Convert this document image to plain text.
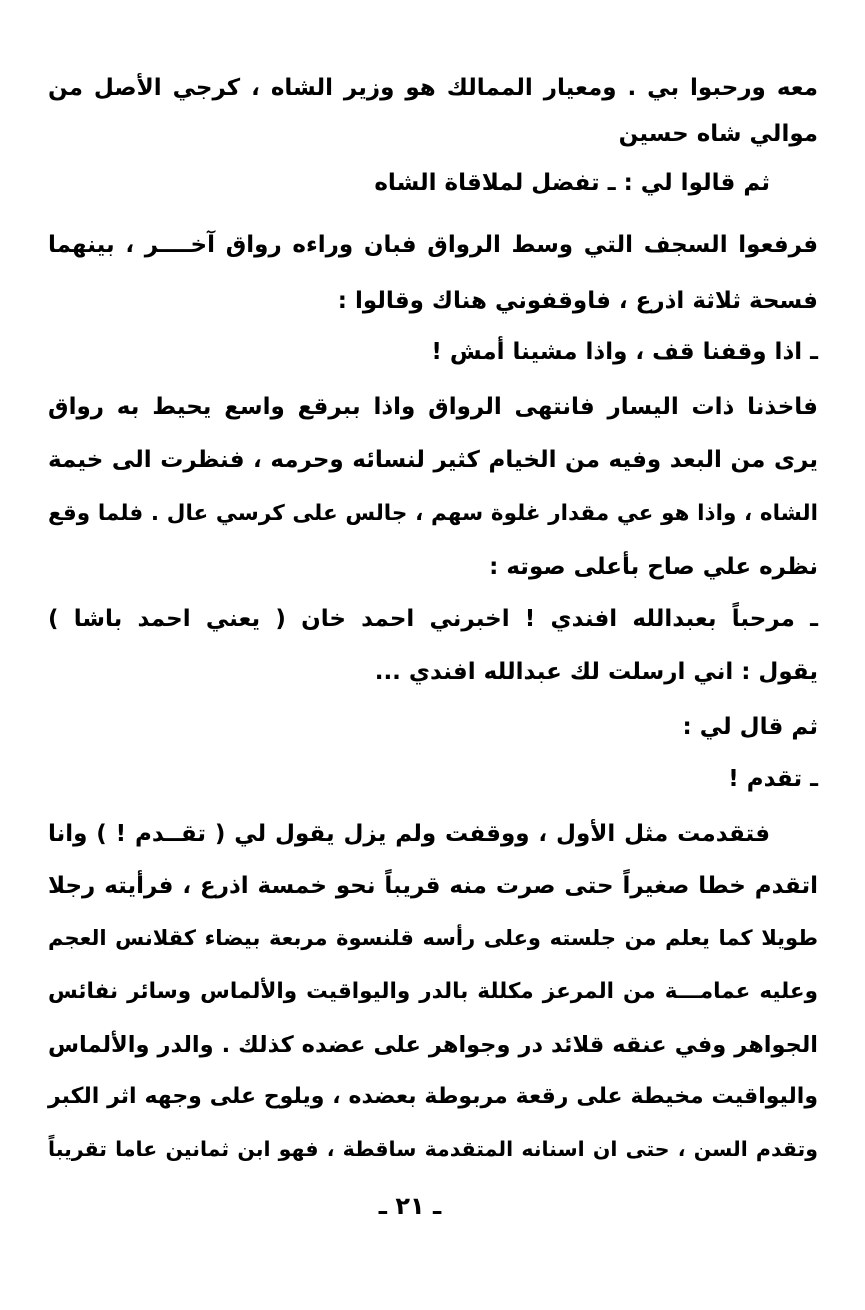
معه ورحبوا بي . ومعيار الممالك هو وزير الشاه ، كرجي الأصل من
موالي شاه حسين
ثم قالوا لي : ـ تفضل لملاقاة الشاه
فرفعوا السجف التي وسط الرواق فبان وراءه رواق آخــــر ، بينهما
فسحة ثلاثة اذرع ، فاوقفوني هناك وقالوا :
ـ اذا وقفنا قف ، واذا مشينا أمش !
فاخذنا ذات اليسار فانتهى الرواق واذا ببرقع واسع يحيط به رواق
يرى من البعد وفيه من الخيام كثير لنسائه وحرمه ، فنظرت الى خيمة
الشاه ، واذا هو عي مقدار غلوة سهم ، جالس على كرسي عال . فلما وقع
نظره علي صاح بأعلى صوته :
ـ مرحباً بعبدالله افندي ! اخبرني احمد خان ( يعني احمد باشا )
يقول : اني ارسلت لك عبدالله افندي ...
ثم قال لي :
ـ تقدم !
فتقدمت مثل الأول ، ووقفت ولم يزل يقول لي ( تقــدم ! ) وانا
اتقدم خطا صغيراً حتى صرت منه قريباً نحو خمسة اذرع ، فرأيته رجلا
طويلا كما يعلم من جلسته وعلى رأسه قلنسوة مربعة بيضاء كقلانس العجم
وعليه عمامـــة من المرعز مكللة بالدر واليواقيت والألماس وسائر نفائس
الجواهر وفي عنقه قلائد در وجواهر على عضده كذلك . والدر والألماس
واليواقيت مخيطة على رقعة مربوطة بعضده ، ويلوح على وجهه اثر الكبر
وتقدم السن ، حتى ان اسنانه المتقدمة ساقطة ، فهو ابن ثمانين عاما تقريباً
ـ ٢١ ـ
